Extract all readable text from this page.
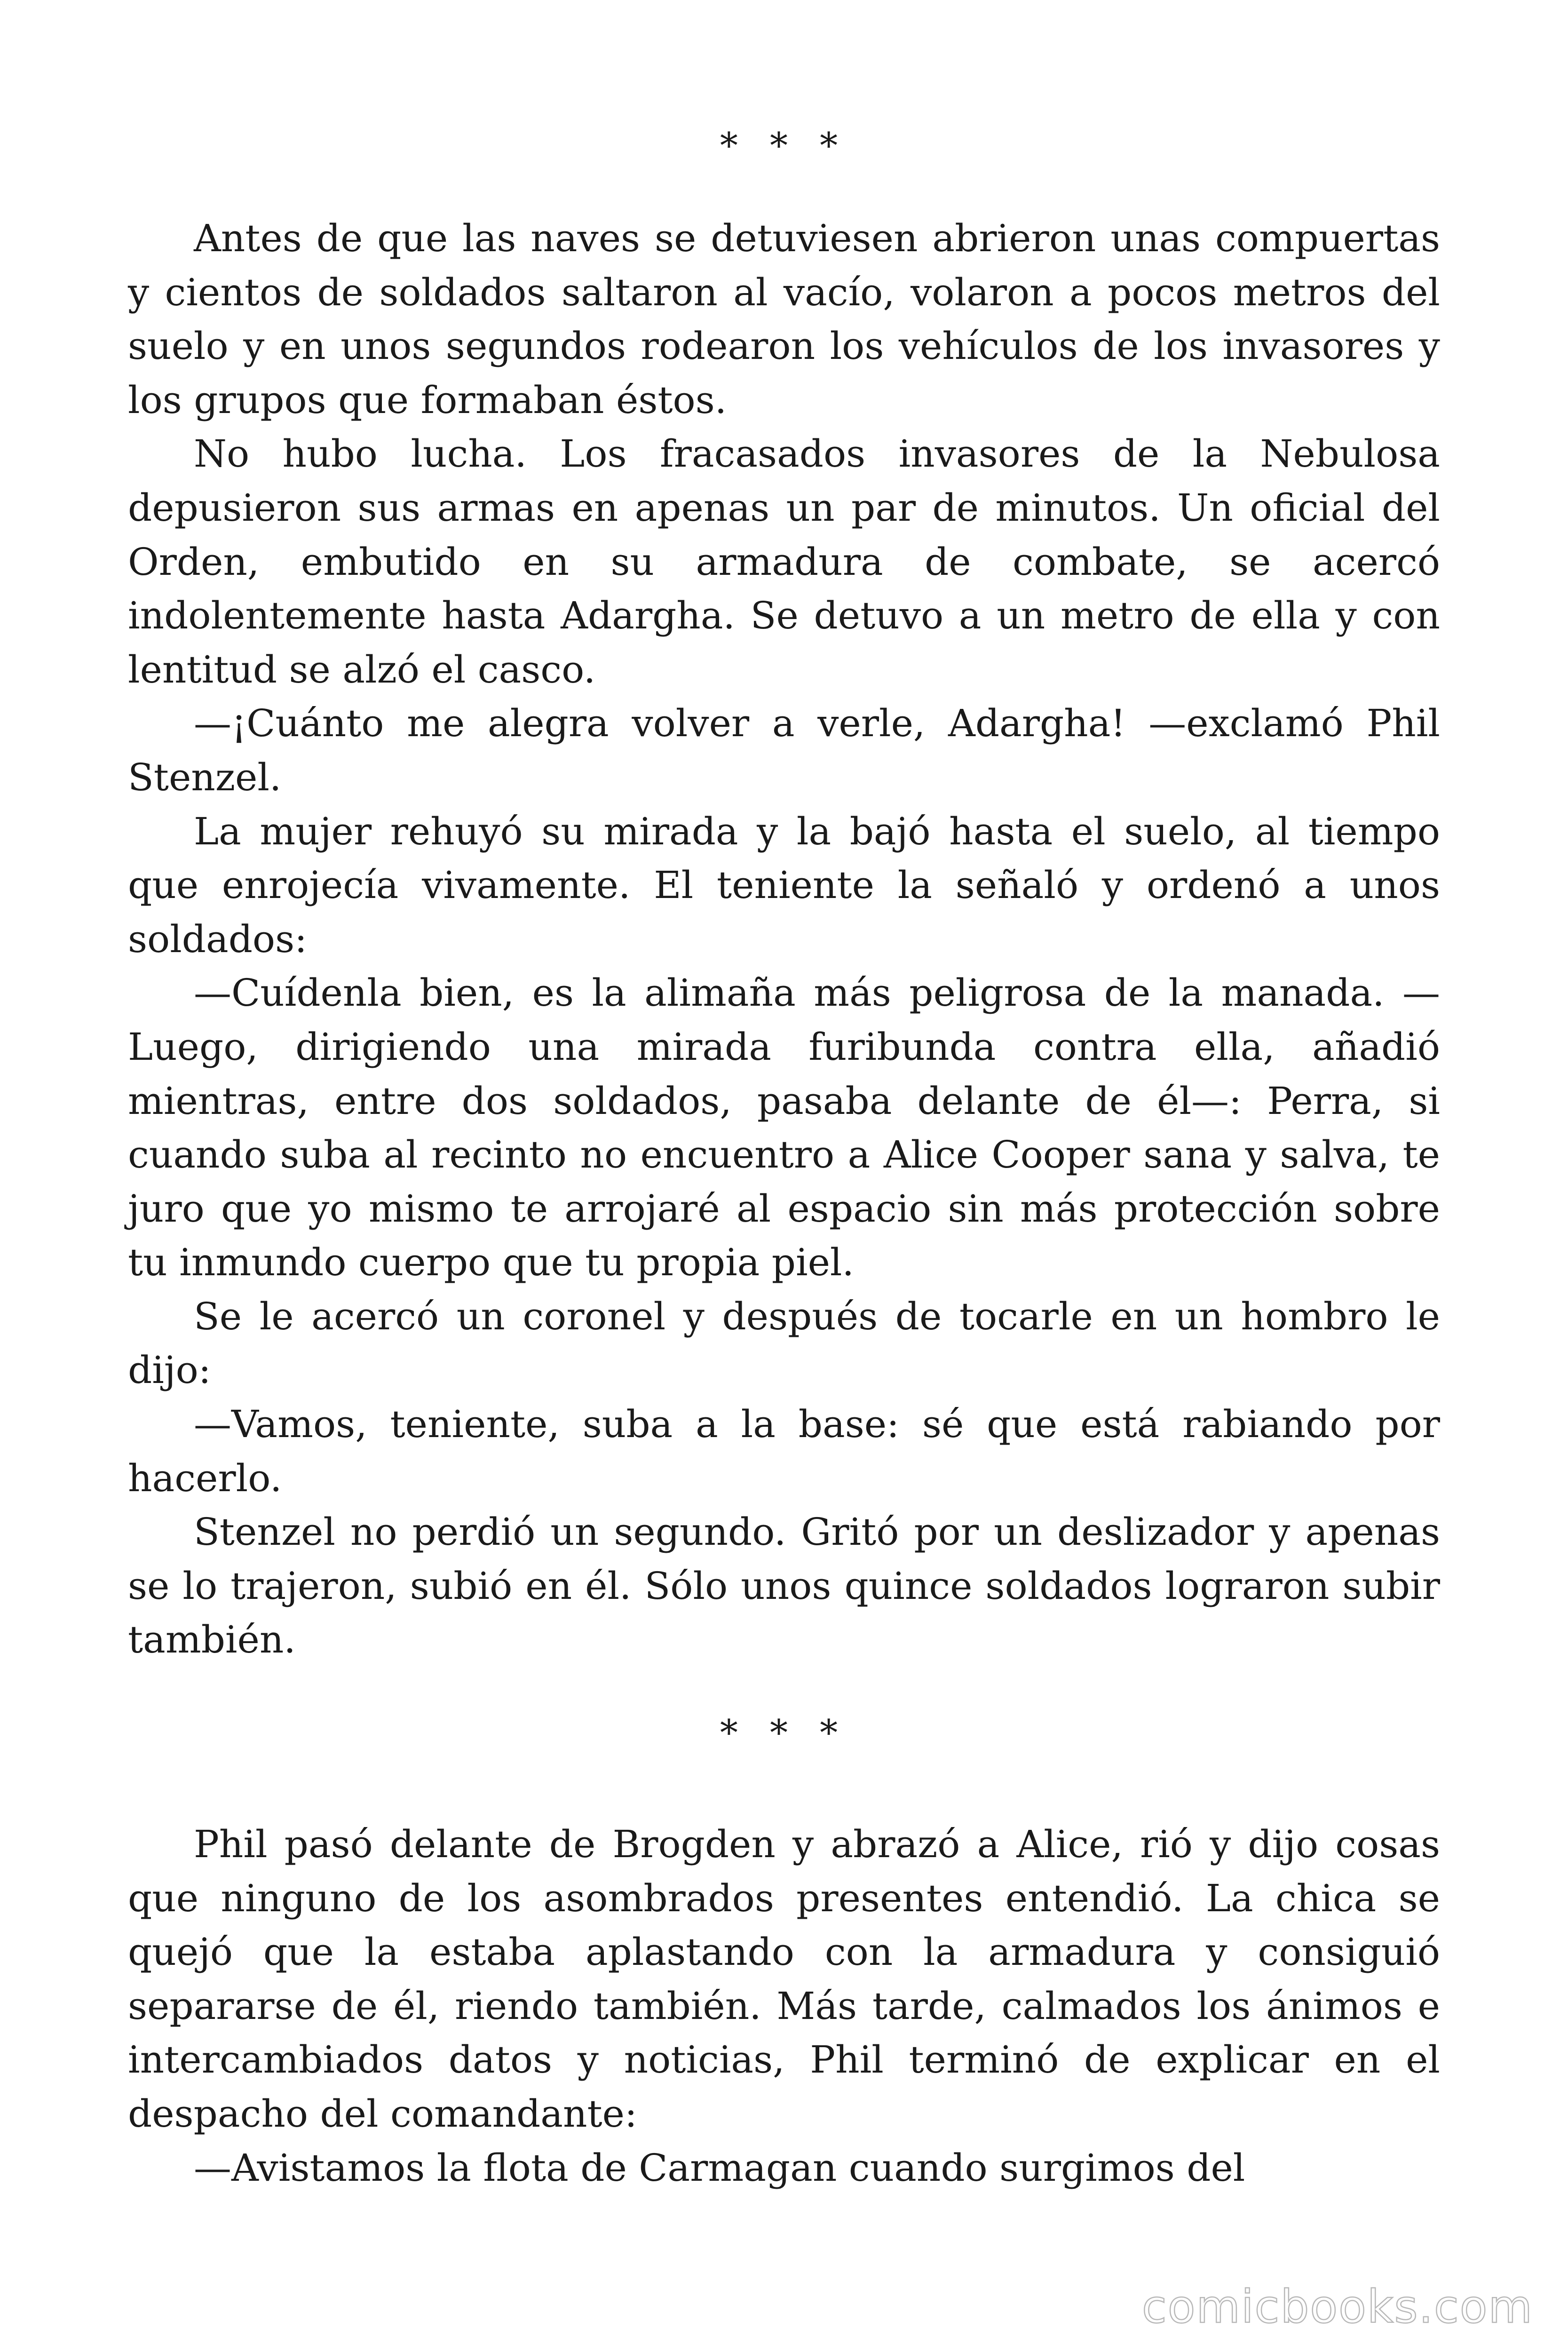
* * *

Antes de que las naves se detuviesen abrieron unas compuertas y cientos de soldados saltaron al vacío, volaron a pocos metros del suelo y en unos segundos rodearon los vehículos de los invasores y los grupos que formaban éstos.

No hubo lucha. Los fracasados invasores de la Nebulosa depusieron sus armas en apenas un par de minutos. Un oficial del Orden, embutido en su armadura de combate, se acercó indolentemente hasta Adargha. Se detuvo a un metro de ella y con lentitud se alzó el casco.

—¡Cuánto me alegra volver a verle, Adargha! —exclamó Phil Stenzel.

La mujer rehuyó su mirada y la bajó hasta el suelo, al tiempo que enrojecía vivamente. El teniente la señaló y ordenó a unos soldados:

—Cuídenla bien, es la alimaña más peligrosa de la manada. —Luego, dirigiendo una mirada furibunda contra ella, añadió mientras, entre dos soldados, pasaba delante de él—: Perra, si cuando suba al recinto no encuentro a Alice Cooper sana y salva, te juro que yo mismo te arrojaré al espacio sin más protección sobre tu inmundo cuerpo que tu propia piel.

Se le acercó un coronel y después de tocarle en un hombro le dijo:

—Vamos, teniente, suba a la base: sé que está rabiando por hacerlo.

Stenzel no perdió un segundo. Gritó por un deslizador y apenas se lo trajeron, subió en él. Sólo unos quince soldados lograron subir también.

* * *

Phil pasó delante de Brogden y abrazó a Alice, rió y dijo cosas que ninguno de los asombrados presentes entendió. La chica se quejó que la estaba aplastando con la armadura y consiguió separarse de él, riendo también. Más tarde, calmados los ánimos e intercambiados datos y noticias, Phil terminó de explicar en el despacho del comandante:

—Avistamos la flota de Carmagan cuando surgimos del

comicbooks.com
